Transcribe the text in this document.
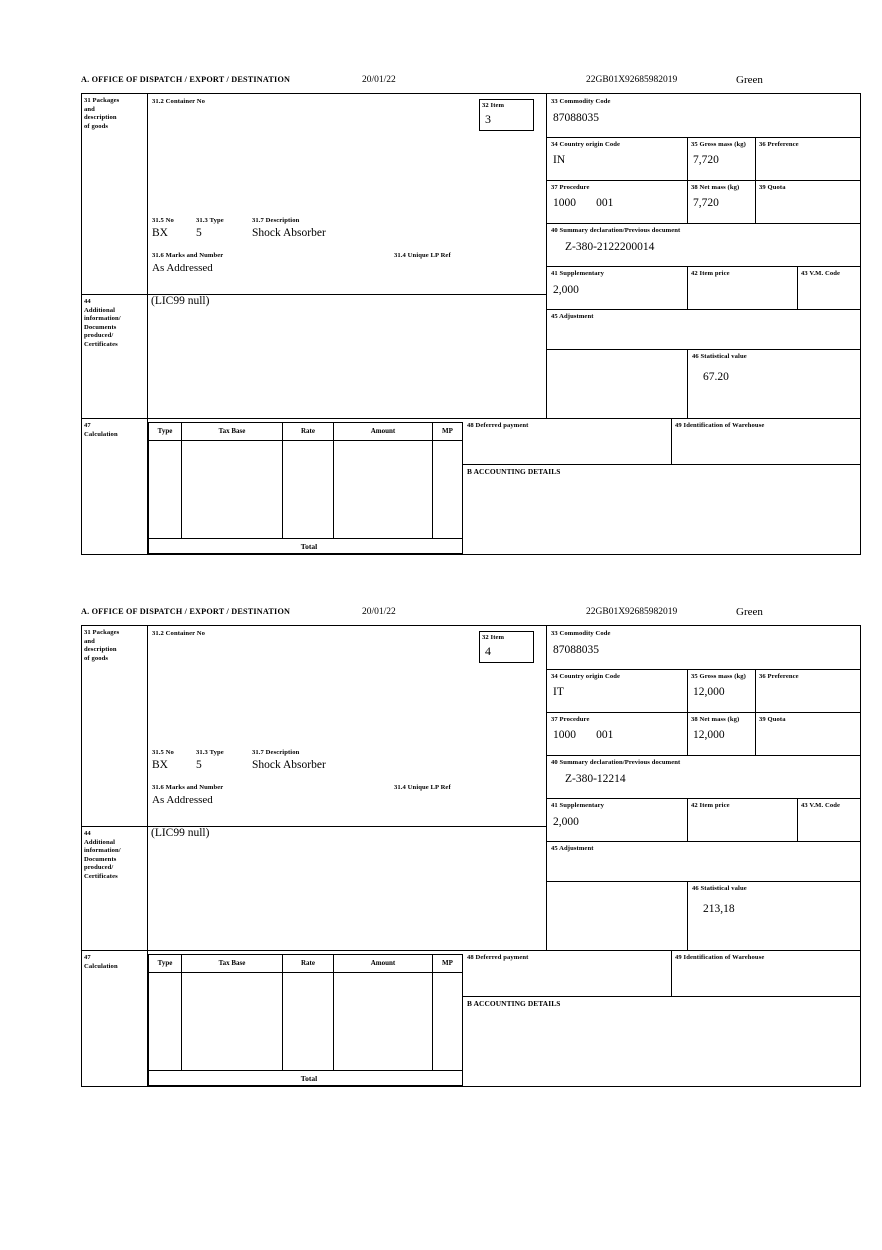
A. OFFICE OF DISPATCH / EXPORT / DESTINATION	20/01/22	22GB01X92685982019	Green
31 Packages
and
description
of goods
31.2 Container No
32 Item
3
31.5 No	31.3 Type	31.7 Description
BX	5	Shock Absorber
31.6 Marks and Number	31.4 Unique LP Ref
As Addressed
33 Commodity Code
87088035
34 Country origin Code
IN
35 Gross mass (kg)
7,720
36 Preference
37 Procedure
1000       001
38 Net mass (kg)
7,720
39 Quota
40 Summary declaration/Previous document
Z-380-2122200014
41 Supplementary
2,000
42 Item price	43 V.M. Code
44
Additional
information/
Documents
produced/
Certificates
(LIC99 null)
45 Adjustment
46 Statistical value
67.20
47
Calculation	Type	Tax Base	Rate	Amount	MP
Total
48 Deferred payment	49 Identification of Warehouse
B ACCOUNTING DETAILS
A. OFFICE OF DISPATCH / EXPORT / DESTINATION	20/01/22	22GB01X92685982019	Green
31 Packages
and
description
of goods
31.2 Container No
32 Item
4
31.5 No	31.3 Type	31.7 Description
BX	5	Shock Absorber
31.6 Marks and Number	31.4 Unique LP Ref
As Addressed
33 Commodity Code
87088035
34 Country origin Code
IT
35 Gross mass (kg)
12,000
36 Preference
37 Procedure
1000       001
38 Net mass (kg)
12,000
39 Quota
40 Summary declaration/Previous document
Z-380-12214
41 Supplementary
2,000
42 Item price	43 V.M. Code
44
Additional
information/
Documents
produced/
Certificates
(LIC99 null)
45 Adjustment
46 Statistical value
213,18
47
Calculation	Type	Tax Base	Rate	Amount	MP
Total
48 Deferred payment	49 Identification of Warehouse
B ACCOUNTING DETAILS
